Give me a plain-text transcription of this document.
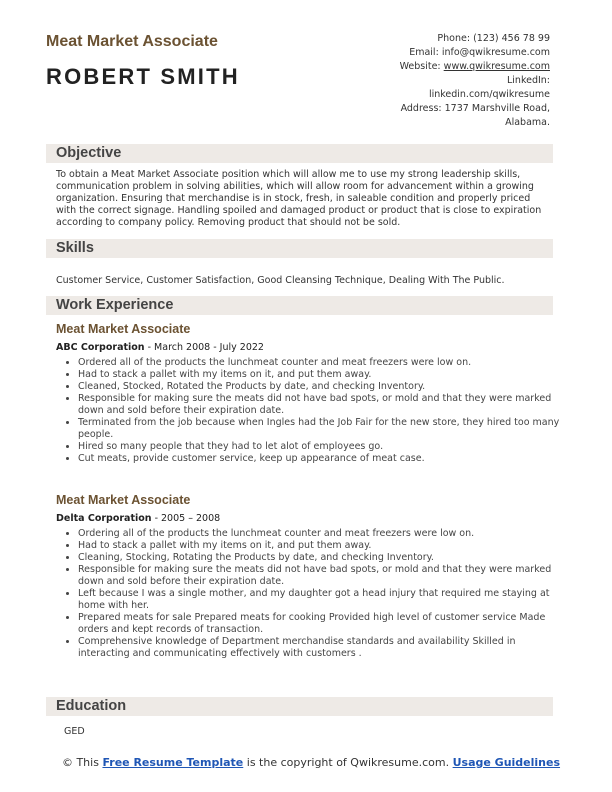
Meat Market Associate
ROBERT SMITH
Phone: (123) 456 78 99
Email: info@qwikresume.com
Website: www.qwikresume.com
LinkedIn:
linkedin.com/qwikresume
Address: 1737 Marshville Road,
Alabama.
Objective

To obtain a Meat Market Associate position which will allow me to use my strong leadership skills, communication problem in solving abilities, which will allow room for advancement within a growing organization. Ensuring that merchandise is in stock, fresh, in saleable condition and properly priced with the correct signage. Handling spoiled and damaged product or product that is close to expiration according to company policy. Removing product that should not be sold.

Skills

Customer Service, Customer Satisfaction, Good Cleansing Technique, Dealing With The Public.

Work Experience
Meat Market Associate
ABC Corporation - March 2008 - July 2022
• Ordered all of the products the lunchmeat counter and meat freezers were low on.
• Had to stack a pallet with my items on it, and put them away.
• Cleaned, Stocked, Rotated the Products by date, and checking Inventory.
• Responsible for making sure the meats did not have bad spots, or mold and that they were marked down and sold before their expiration date.
• Terminated from the job because when Ingles had the Job Fair for the new store, they hired too many people.
• Hired so many people that they had to let alot of employees go.
• Cut meats, provide customer service, keep up appearance of meat case.
Meat Market Associate
Delta Corporation - 2005 – 2008
• Ordering all of the products the lunchmeat counter and meat freezers were low on.
• Had to stack a pallet with my items on it, and put them away.
• Cleaning, Stocking, Rotating the Products by date, and checking Inventory.
• Responsible for making sure the meats did not have bad spots, or mold and that they were marked down and sold before their expiration date.
• Left because I was a single mother, and my daughter got a head injury that required me staying at home with her.
• Prepared meats for sale Prepared meats for cooking Provided high level of customer service Made orders and kept records of transaction.
• Comprehensive knowledge of Department merchandise standards and availability Skilled in interacting and communicating effectively with customers .
Education
GED
© This Free Resume Template is the copyright of Qwikresume.com. Usage Guidelines
